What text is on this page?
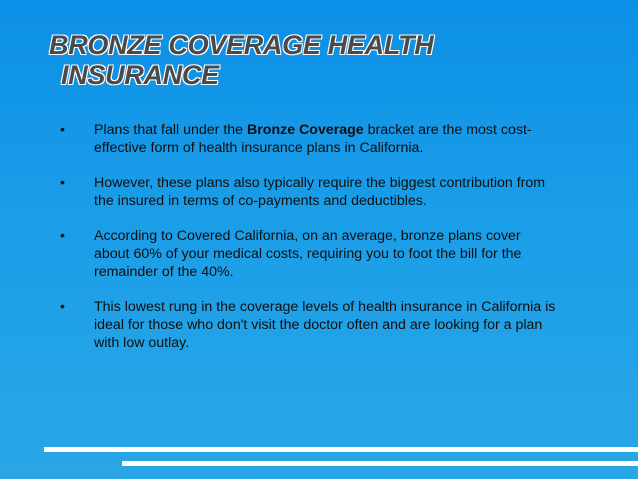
BRONZE COVERAGE HEALTH
INSURANCE
•	Plans that fall under the Bronze Coverage bracket are the most cost-effective form of health insurance plans in California.
•	However, these plans also typically require the biggest contribution from the insured in terms of co-payments and deductibles.
•	According to Covered California, on an average, bronze plans cover about 60% of your medical costs, requiring you to foot the bill for the remainder of the 40%.
•	This lowest rung in the coverage levels of health insurance in California is ideal for those who don't visit the doctor often and are looking for a plan with low outlay.
